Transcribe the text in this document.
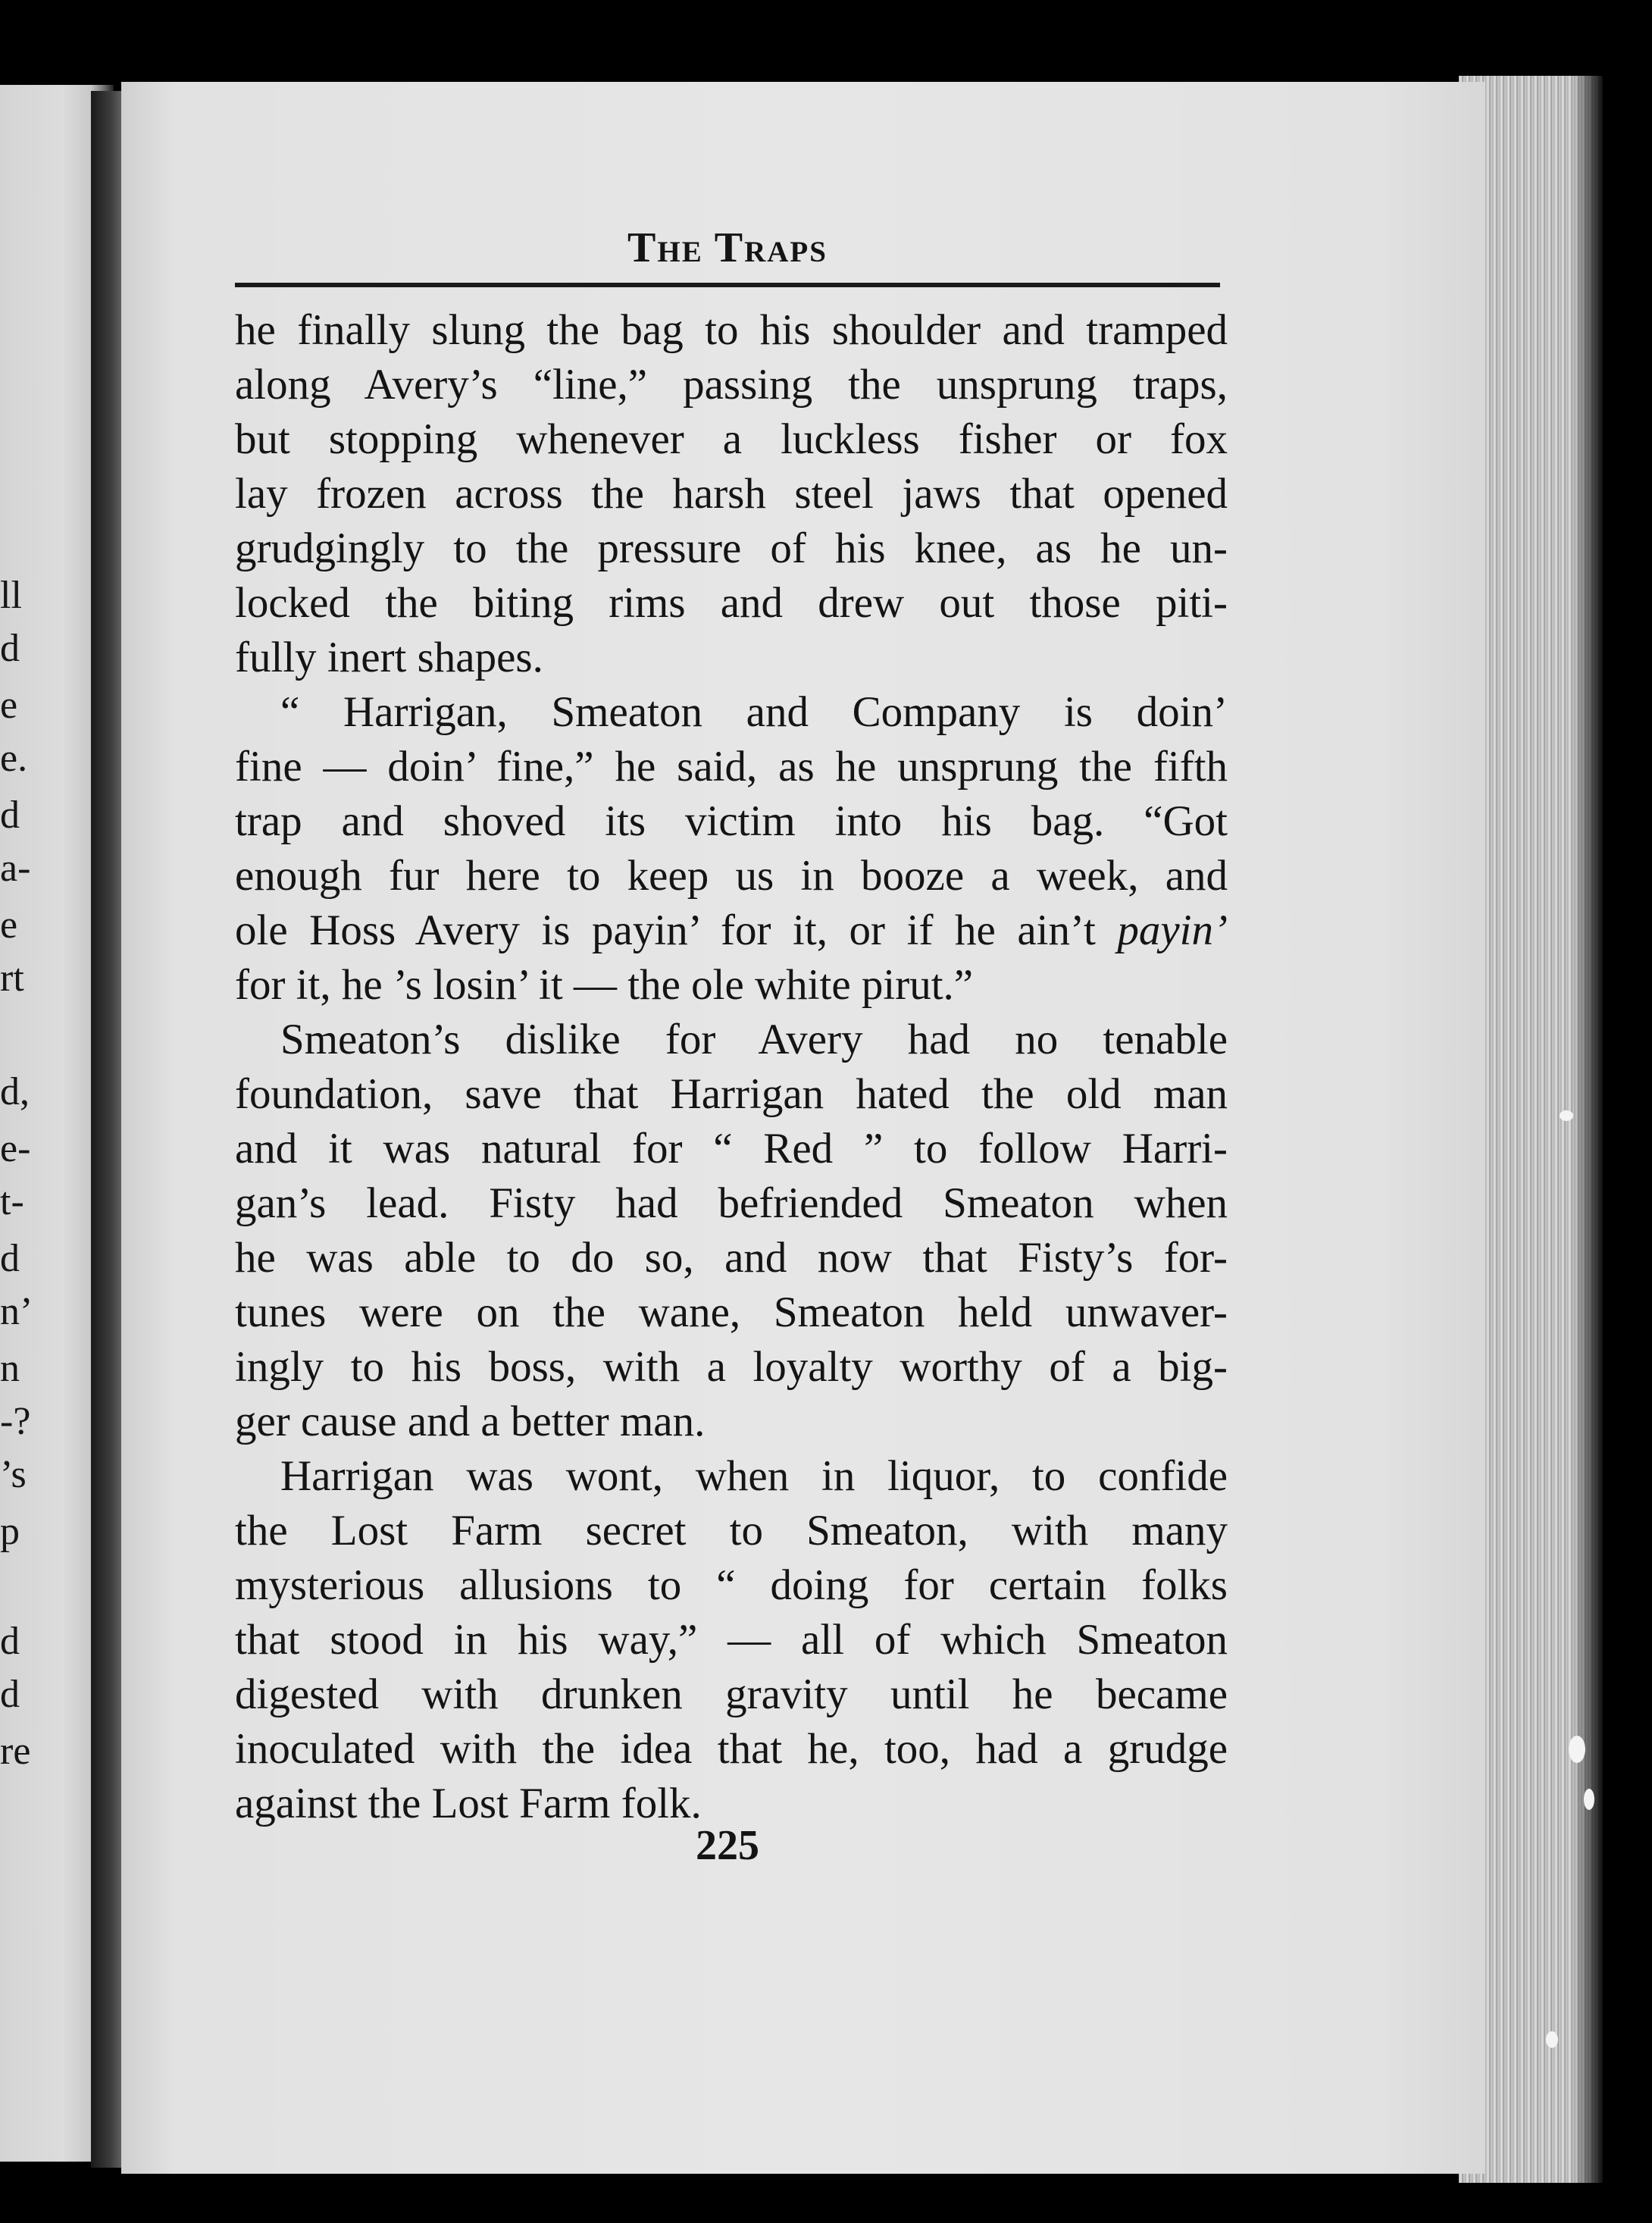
ll
d
e
e.
d
a-
e
rt
d,
e-
t-
d
n’
n
-?
’s
p
d
d
re
The Traps
he finally slung the bag to his shoulder and tramped
along Avery’s “line,” passing the unsprung traps,
but stopping whenever a luckless fisher or fox
lay frozen across the harsh steel jaws that opened
grudgingly to the pressure of his knee, as he un-
locked the biting rims and drew out those piti-
fully inert shapes.
“ Harrigan, Smeaton and Company is doin’
fine — doin’ fine,” he said, as he unsprung the fifth
trap and shoved its victim into his bag. “Got
enough fur here to keep us in booze a week, and
ole Hoss Avery is payin’ for it, or if he ain’t payin’
for it, he ’s losin’ it — the ole white pirut.”
Smeaton’s dislike for Avery had no tenable
foundation, save that Harrigan hated the old man
and it was natural for “ Red ” to follow Harri-
gan’s lead. Fisty had befriended Smeaton when
he was able to do so, and now that Fisty’s for-
tunes were on the wane, Smeaton held unwaver-
ingly to his boss, with a loyalty worthy of a big-
ger cause and a better man.
Harrigan was wont, when in liquor, to confide
the Lost Farm secret to Smeaton, with many
mysterious allusions to “ doing for certain folks
that stood in his way,” — all of which Smeaton
digested with drunken gravity until he became
inoculated with the idea that he, too, had a grudge
against the Lost Farm folk.
225
